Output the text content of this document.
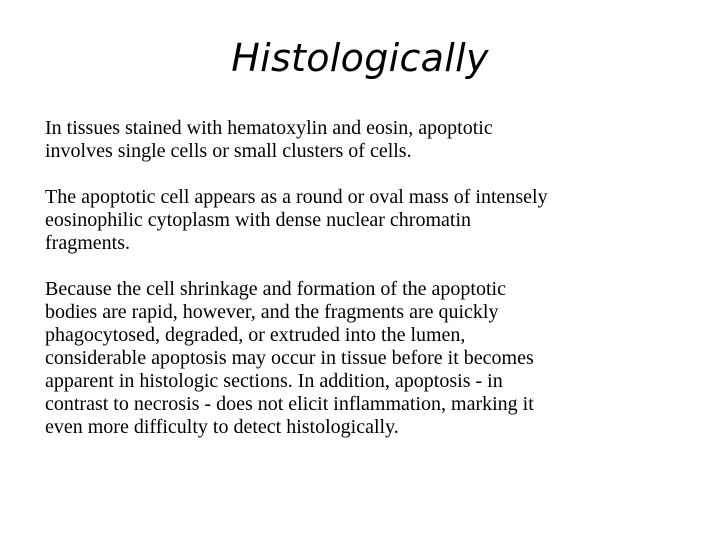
Histologically

In tissues stained with hematoxylin and eosin, apoptotic
involves single cells or small clusters of cells.

The apoptotic cell appears as a round or oval mass of intensely
eosinophilic cytoplasm with dense nuclear chromatin
fragments.

Because the cell shrinkage and formation of the apoptotic
bodies are rapid, however, and the fragments are quickly
phagocytosed, degraded, or extruded into the lumen,
considerable apoptosis may occur in tissue before it becomes
apparent in histologic sections. In addition, apoptosis - in
contrast to necrosis - does not elicit inflammation, marking it
even more difficulty to detect histologically.
